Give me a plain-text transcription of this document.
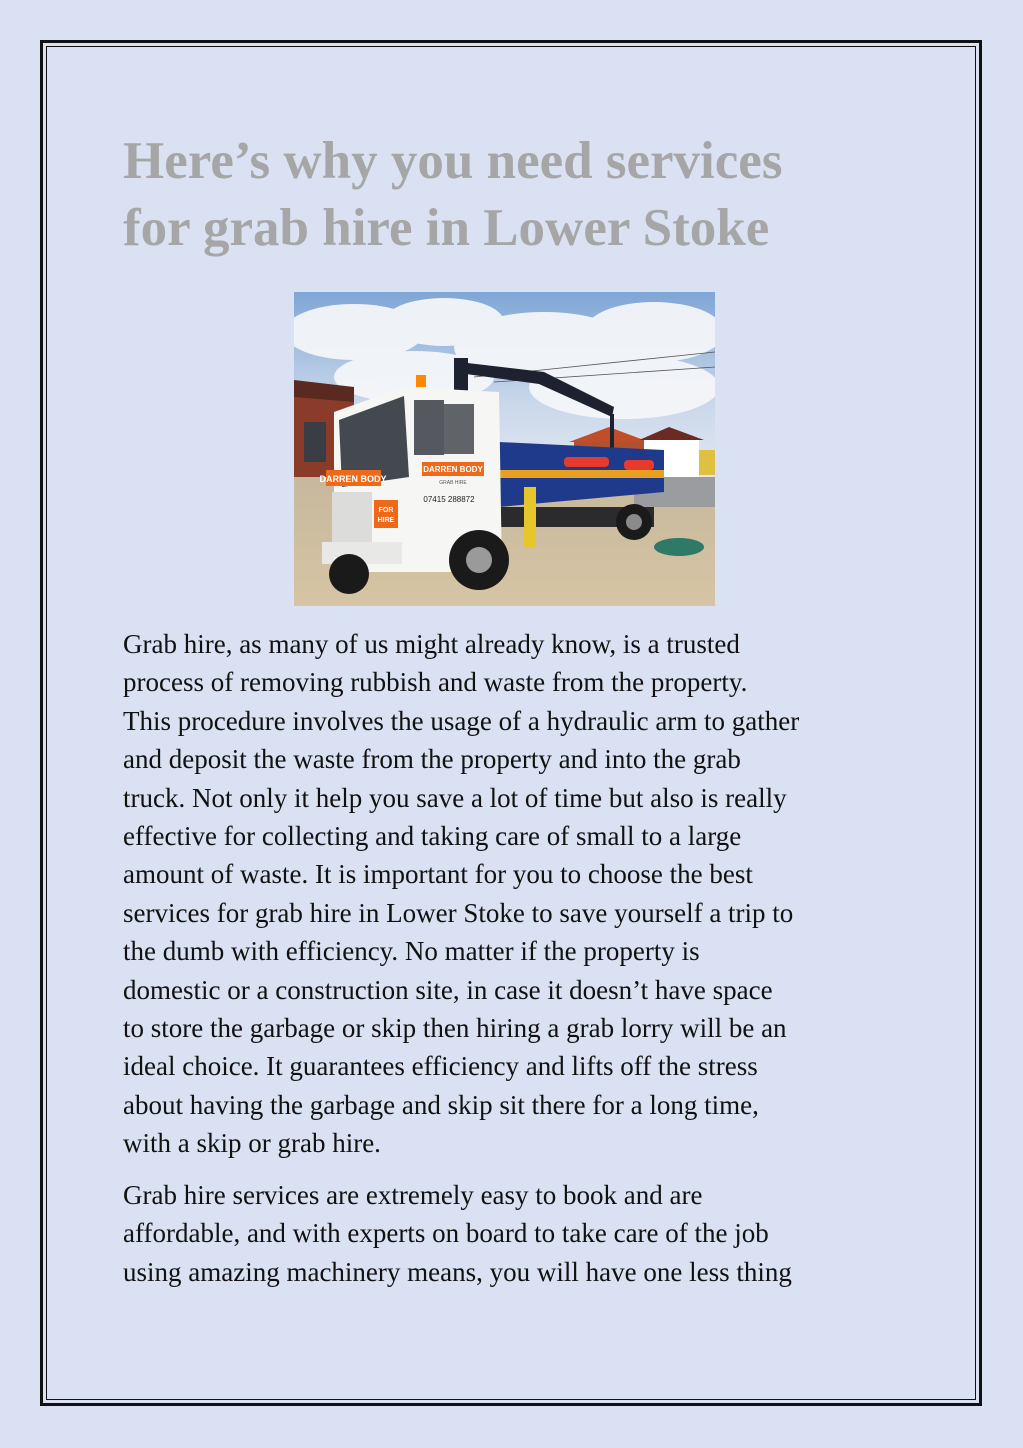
Here’s why you need services
for grab hire in Lower Stoke
DARREN BODY
DARREN BODY
GRAB HIRE
07415 288872
FOR
HIRE

Grab hire, as many of us might already know, is a trusted
process of removing rubbish and waste from the property.
This procedure involves the usage of a hydraulic arm to gather
and deposit the waste from the property and into the grab
truck. Not only it help you save a lot of time but also is really
effective for collecting and taking care of small to a large
amount of waste. It is important for you to choose the best
services for grab hire in Lower Stoke to save yourself a trip to
the dumb with efficiency. No matter if the property is
domestic or a construction site, in case it doesn’t have space
to store the garbage or skip then hiring a grab lorry will be an
ideal choice. It guarantees efficiency and lifts off the stress
about having the garbage and skip sit there for a long time,
with a skip or grab hire.

Grab hire services are extremely easy to book and are
affordable, and with experts on board to take care of the job
using amazing machinery means, you will have one less thing
